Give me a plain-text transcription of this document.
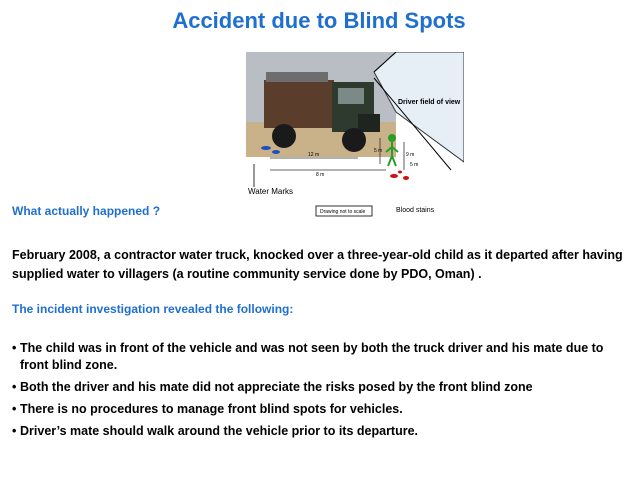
Accident due to Blind Spots
12 m
8 m
5 m
9 m
5 m
Driver field of view
Water Marks
Drawing not to scale	Blood stains
What actually happened ?
February 2008, a contractor water truck, knocked over a three-year-old child as it departed after having supplied water to villagers (a routine community service done by PDO, Oman) .
The incident investigation revealed the following:
• The child was in front of the vehicle and was not seen by both the truck driver and his mate due to front blind zone.
• Both the driver and his mate did not appreciate the risks posed by the front blind zone
• There is no procedures to manage front blind spots for vehicles.
• Driver’s mate should walk around the vehicle prior to its departure.
